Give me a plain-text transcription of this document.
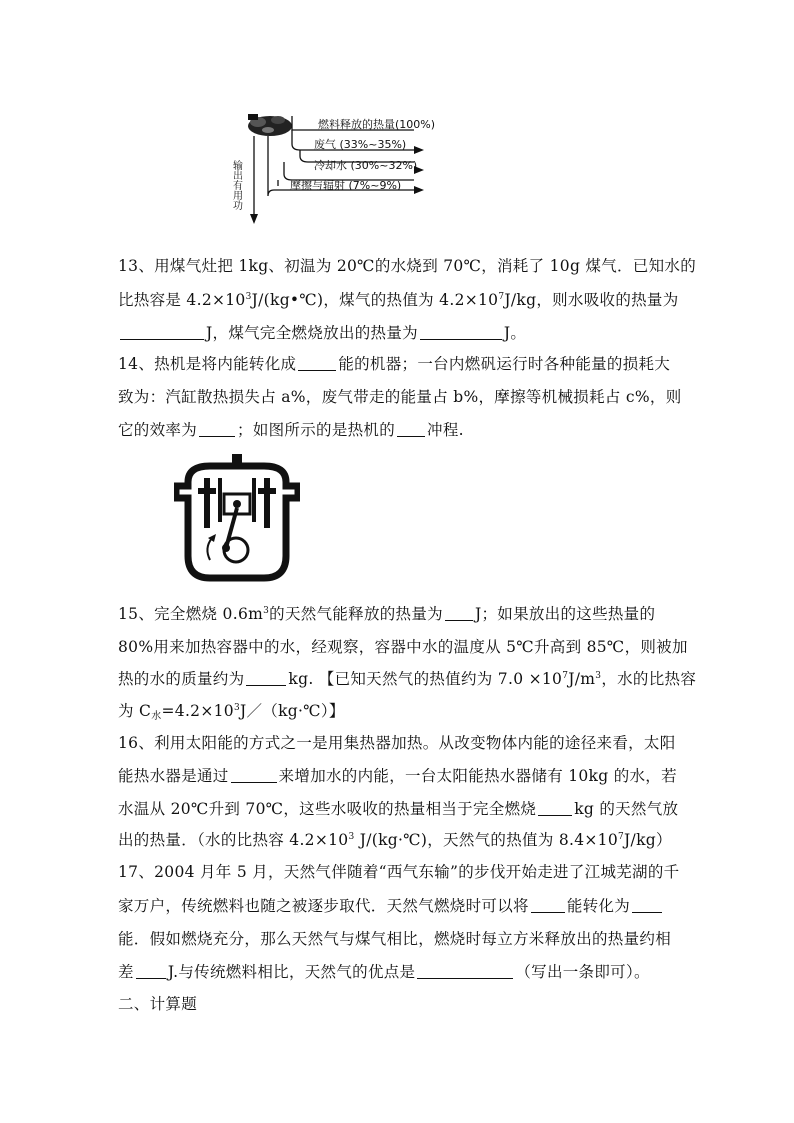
燃料释放的热量(100%)
废气 (33%~35%)
冷却水 (30%~32%)
摩擦与辐射 (7%~9%)
输出有用功
13、用煤气灶把 1kg、初温为 20℃的水烧到 70℃，消耗了 10g 煤气．已知水的
比热容是 $4.2\times 10^3J/(kg•℃)$，煤气的热值为 $4.2\times 10^7J/kg$，则水吸收的热量为
J，煤气完全燃烧放出的热量为	J。
14、热机是将内能转化成	能的机器；一台内燃矾运行时各种能量的损耗大
致为：汽缸散热损失占 a%，废气带走的能量占 b%，摩擦等机械损耗占 c%，则
它的效率为	；如图所示的是热机的 冲程.
15、完全燃烧 $0.6m^3$的天然气能释放的热量为 J；如果放出的这些热量的
80%用来加热容器中的水，经观察，容器中水的温度从 5℃升高到 85℃，则被加
热的水的质量约为	kg. 【已知天然气的热值约为 $7.0 \times 10^7J/m^3$，水的比热容
为 $C_水=4.2\times 10^3J/(kg\cdot℃)$】
16、利用太阳能的方式之一是用集热器加热。从改变物体内能的途径来看，太阳
能热水器是通过	来增加水的内能，一台太阳能热水器储有 10kg 的水，若
水温从 20℃升到 70℃，这些水吸收的热量相当于完全燃烧 kg 的天然气放
出的热量．（水的比热容 $4.2\times 10^3$ J/(kg·℃)，天然气的热值为 $8.4\times 10^7J/kg$）
17、2004 月年 5 月，天然气伴随着“西气东输”的步伐开始走进了江城芜湖的千
家万户，传统燃料也随之被逐步取代．天然气燃烧时可以将 能转化为
能．假如燃烧充分，那么天然气与煤气相比，燃烧时每立方米释放出的热量约相
差 J.与传统燃料相比，天然气的优点是	（写出一条即可）。
二、计算题
